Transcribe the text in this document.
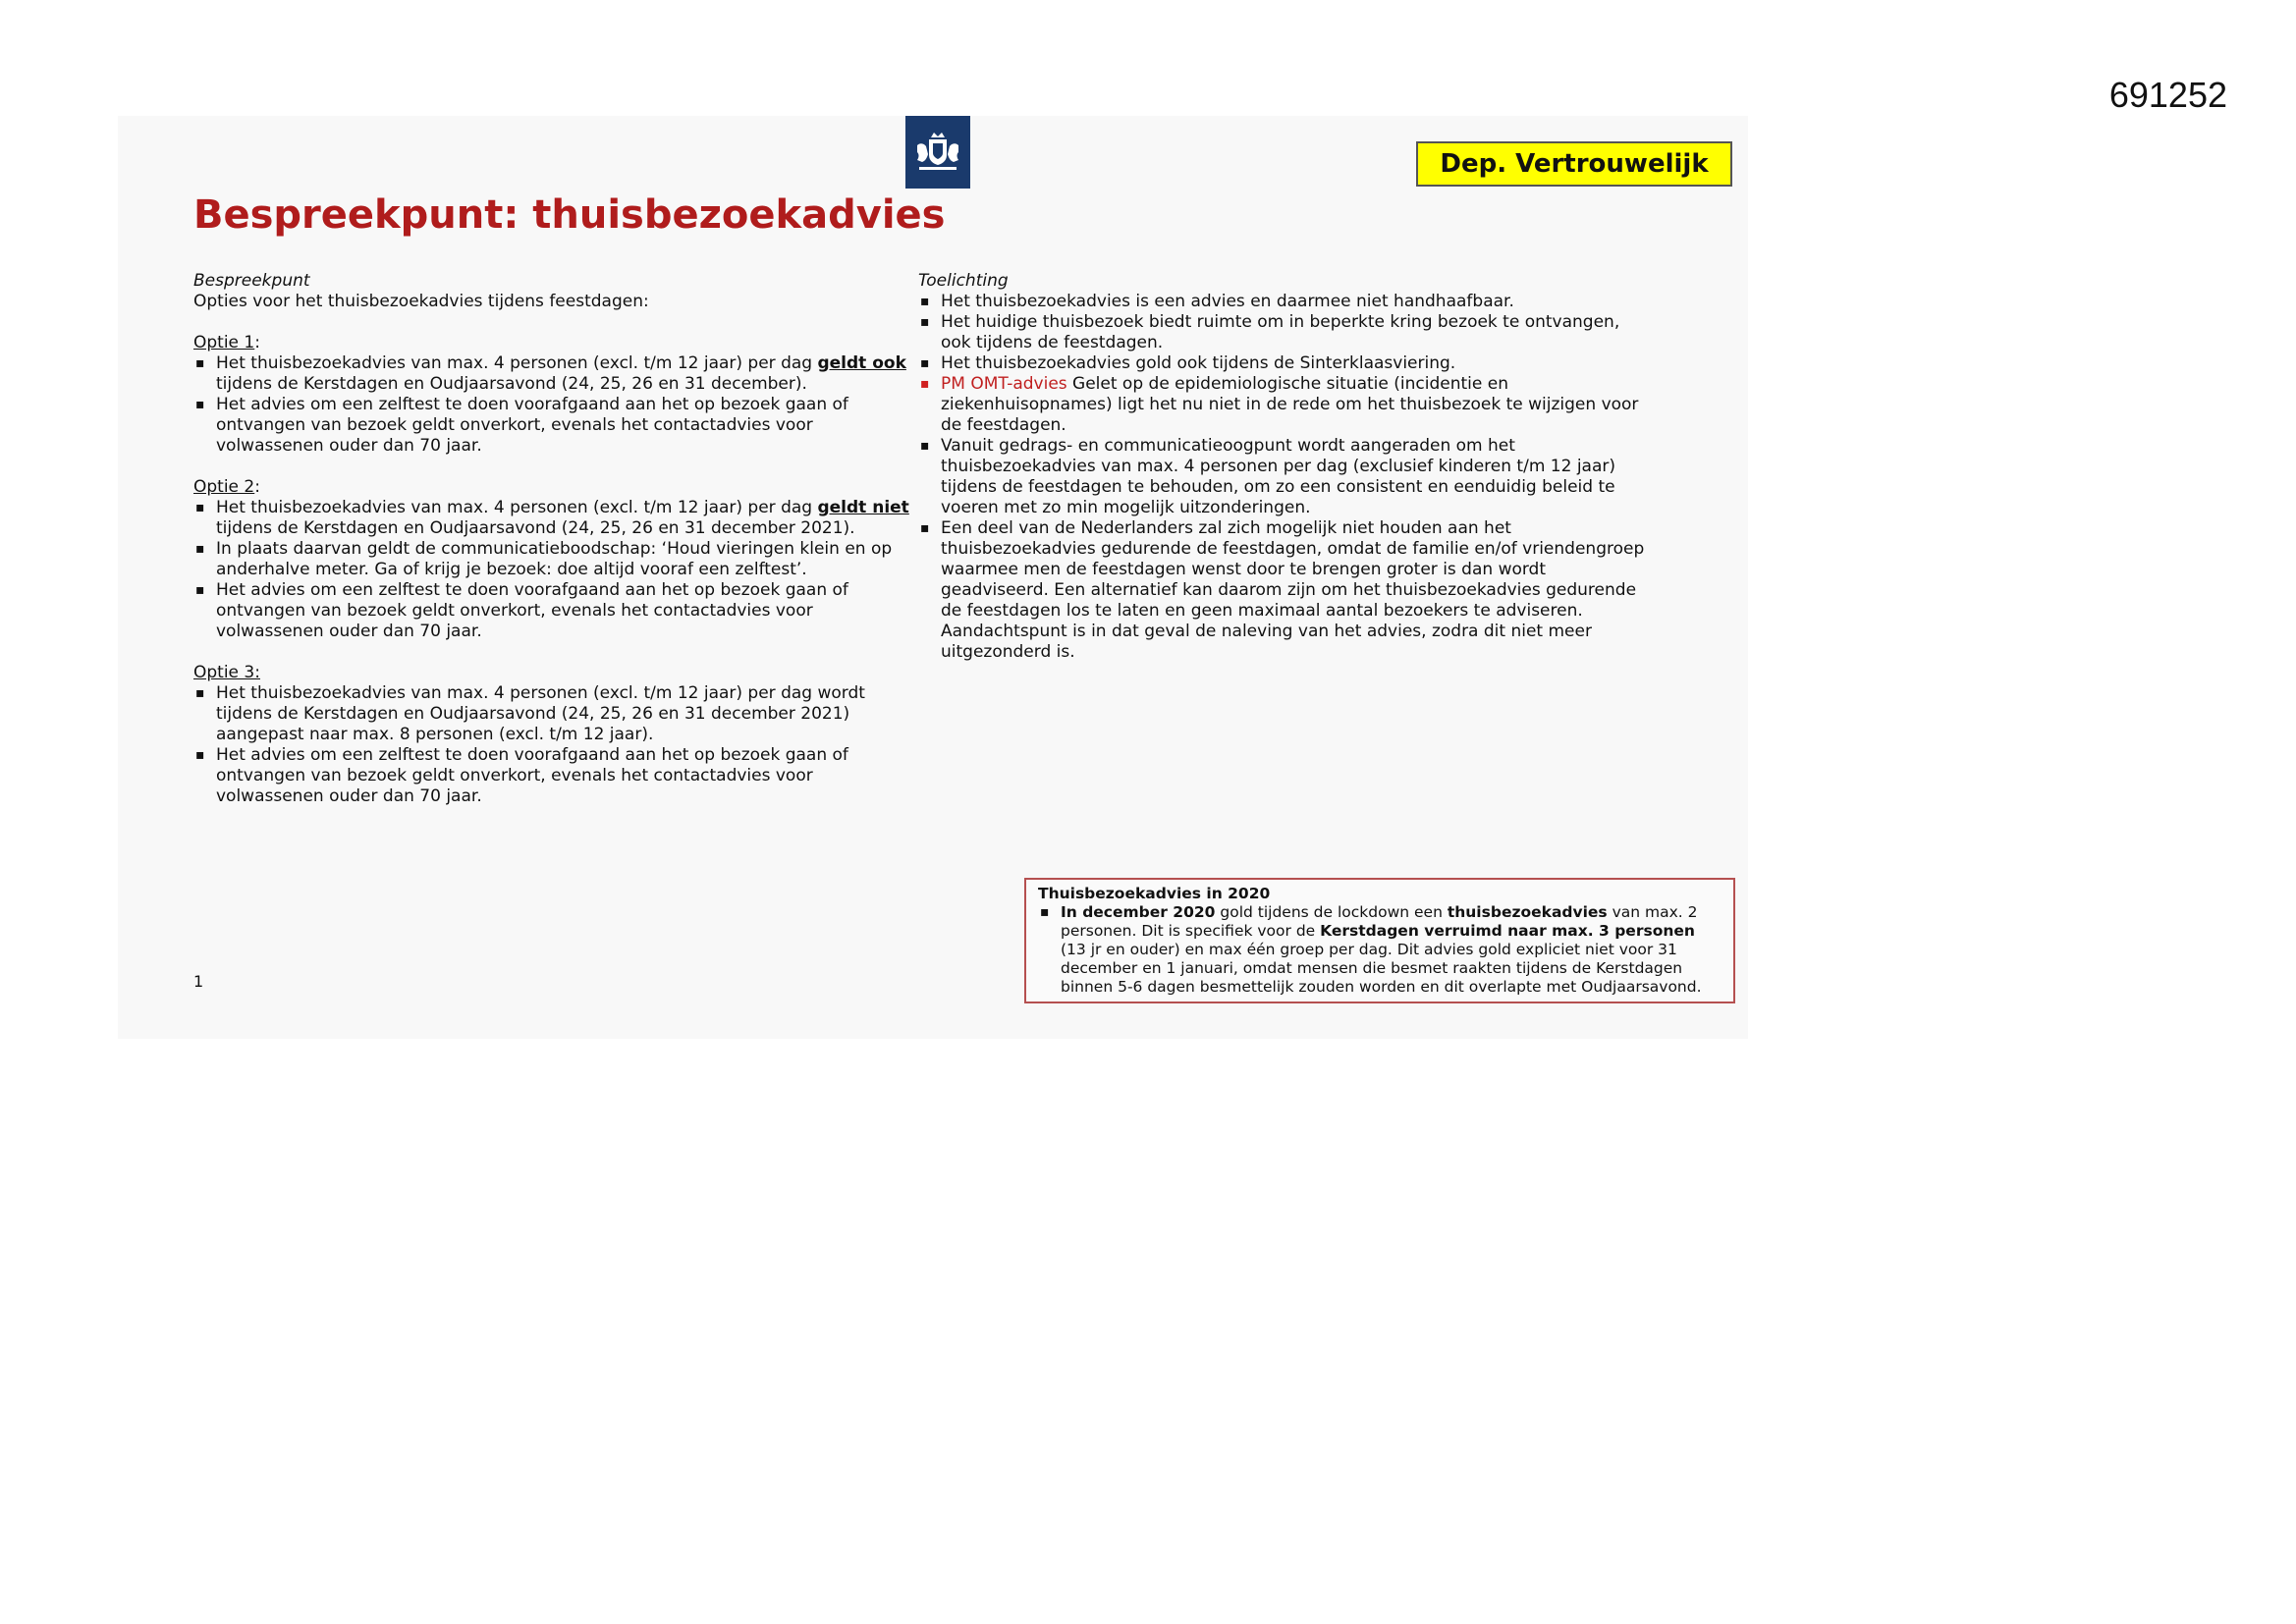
691252
Dep. Vertrouwelijk
Bespreekpunt: thuisbezoekadvies
Bespreekpunt
Opties voor het thuisbezoekadvies tijdens feestdagen:
Optie 1:
▪ Het thuisbezoekadvies van max. 4 personen (excl. t/m 12 jaar) per dag geldt ook tijdens de Kerstdagen en Oudjaarsavond (24, 25, 26 en 31 december).
▪ Het advies om een zelftest te doen voorafgaand aan het op bezoek gaan of ontvangen van bezoek geldt onverkort, evenals het contactadvies voor volwassenen ouder dan 70 jaar.
Optie 2:
▪ Het thuisbezoekadvies van max. 4 personen (excl. t/m 12 jaar) per dag geldt niet tijdens de Kerstdagen en Oudjaarsavond (24, 25, 26 en 31 december 2021).
▪ In plaats daarvan geldt de communicatieboodschap: ‘Houd vieringen klein en op anderhalve meter. Ga of krijg je bezoek: doe altijd vooraf een zelftest’.
▪ Het advies om een zelftest te doen voorafgaand aan het op bezoek gaan of ontvangen van bezoek geldt onverkort, evenals het contactadvies voor volwassenen ouder dan 70 jaar.
Optie 3:
▪ Het thuisbezoekadvies van max. 4 personen (excl. t/m 12 jaar) per dag wordt tijdens de Kerstdagen en Oudjaarsavond (24, 25, 26 en 31 december 2021) aangepast naar max. 8 personen (excl. t/m 12 jaar).
▪ Het advies om een zelftest te doen voorafgaand aan het op bezoek gaan of ontvangen van bezoek geldt onverkort, evenals het contactadvies voor volwassenen ouder dan 70 jaar.
Toelichting
▪ Het thuisbezoekadvies is een advies en daarmee niet handhaafbaar.
▪ Het huidige thuisbezoek biedt ruimte om in beperkte kring bezoek te ontvangen, ook tijdens de feestdagen.
▪ Het thuisbezoekadvies gold ook tijdens de Sinterklaasviering.
▪ PM OMT-advies Gelet op de epidemiologische situatie (incidentie en ziekenhuisopnames) ligt het nu niet in de rede om het thuisbezoek te wijzigen voor de feestdagen.
▪ Vanuit gedrags- en communicatieoogpunt wordt aangeraden om het thuisbezoekadvies van max. 4 personen per dag (exclusief kinderen t/m 12 jaar) tijdens de feestdagen te behouden, om zo een consistent en eenduidig beleid te voeren met zo min mogelijk uitzonderingen.
▪ Een deel van de Nederlanders zal zich mogelijk niet houden aan het thuisbezoekadvies gedurende de feestdagen, omdat de familie en/of vriendengroep waarmee men de feestdagen wenst door te brengen groter is dan wordt geadviseerd. Een alternatief kan daarom zijn om het thuisbezoekadvies gedurende de feestdagen los te laten en geen maximaal aantal bezoekers te adviseren. Aandachtspunt is in dat geval de naleving van het advies, zodra dit niet meer uitgezonderd is.
Thuisbezoekadvies in 2020
▪ In december 2020 gold tijdens de lockdown een thuisbezoekadvies van max. 2 personen. Dit is specifiek voor de Kerstdagen verruimd naar max. 3 personen (13 jr en ouder) en max één groep per dag. Dit advies gold expliciet niet voor 31 december en 1 januari, omdat mensen die besmet raakten tijdens de Kerstdagen binnen 5-6 dagen besmettelijk zouden worden en dit overlapte met Oudjaarsavond.
1
